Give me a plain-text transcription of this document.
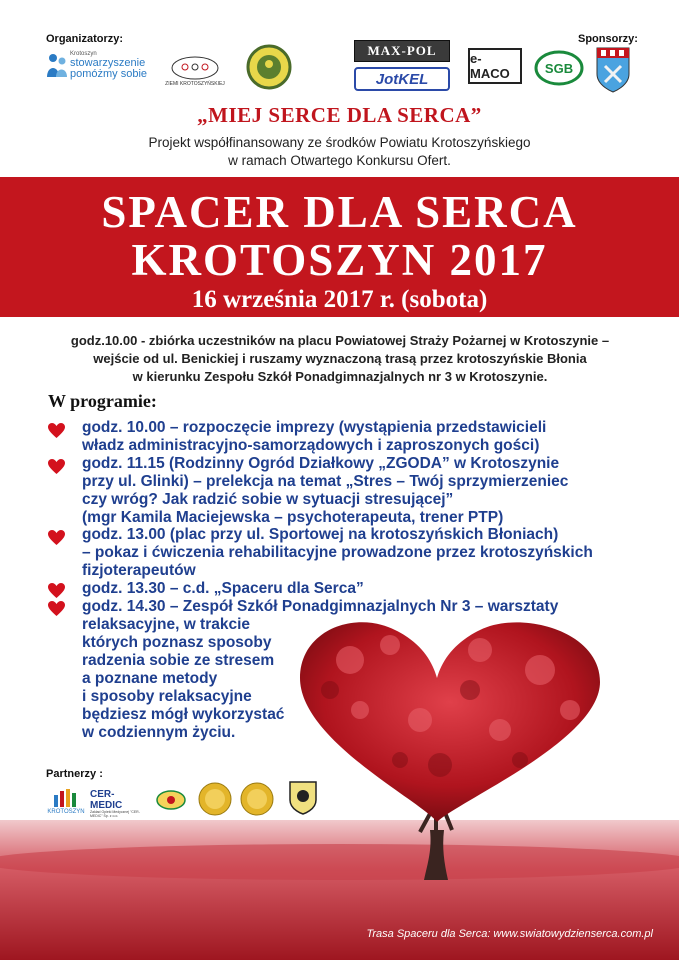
Organizatorzy:	Sponsorzy:
Krotoszyn
stowarzyszenie
pomóżmy sobie
ZIEMI KROTOSZYŃSKIEJ
MAX-POL
JotKEL
e-MACO	SGB
„MIEJ SERCE DLA SERCA”
Projekt współfinansowany ze środków Powiatu Krotoszyńskiego
w ramach Otwartego Konkursu Ofert.
SPACER DLA SERCA
KROTOSZYN 2017
16 września 2017 r. (sobota)
godz.10.00 - zbiórka uczestników na placu Powiatowej Straży Pożarnej w Krotoszynie –
wejście od ul. Benickiej i ruszamy wyznaczoną trasą przez krotoszyńskie Błonia
w kierunku Zespołu Szkół Ponadgimnazjalnych nr 3 w Krotoszynie.
W programie:
godz. 10.00 – rozpoczęcie imprezy (wystąpienia przedstawicieli
władz administracyjno-samorządowych i zaproszonych gości)
godz. 11.15 (Rodzinny Ogród Działkowy „ZGODA” w Krotoszynie
przy ul. Glinki) – prelekcja na temat „Stres – Twój sprzymierzeniec
czy wróg? Jak radzić sobie w sytuacji stresującej”
(mgr Kamila Maciejewska – psychoterapeuta, trener PTP)
godz. 13.00 (plac przy ul. Sportowej na krotoszyńskich Błoniach)
– pokaz i ćwiczenia rehabilitacyjne prowadzone przez krotoszyńskich
fizjoterapeutów
godz. 13.30 – c.d. „Spaceru dla Serca”
godz. 14.30 – Zespół Szkół Ponadgimnazjalnych Nr 3 – warsztaty
relaksacyjne, w trakcie
których poznasz sposoby
radzenia sobie ze stresem
a poznane metody
i sposoby relaksacyjne
będziesz mógł wykorzystać
w codziennym życiu.
Partnerzy :
KROTOSZYN
CER- MEDIC
Zakład Opieki Medycznej "CER-MEDIC" Sp. z o.o.
Trasa Spaceru dla Serca: www.swiatowydzienserca.com.pl
